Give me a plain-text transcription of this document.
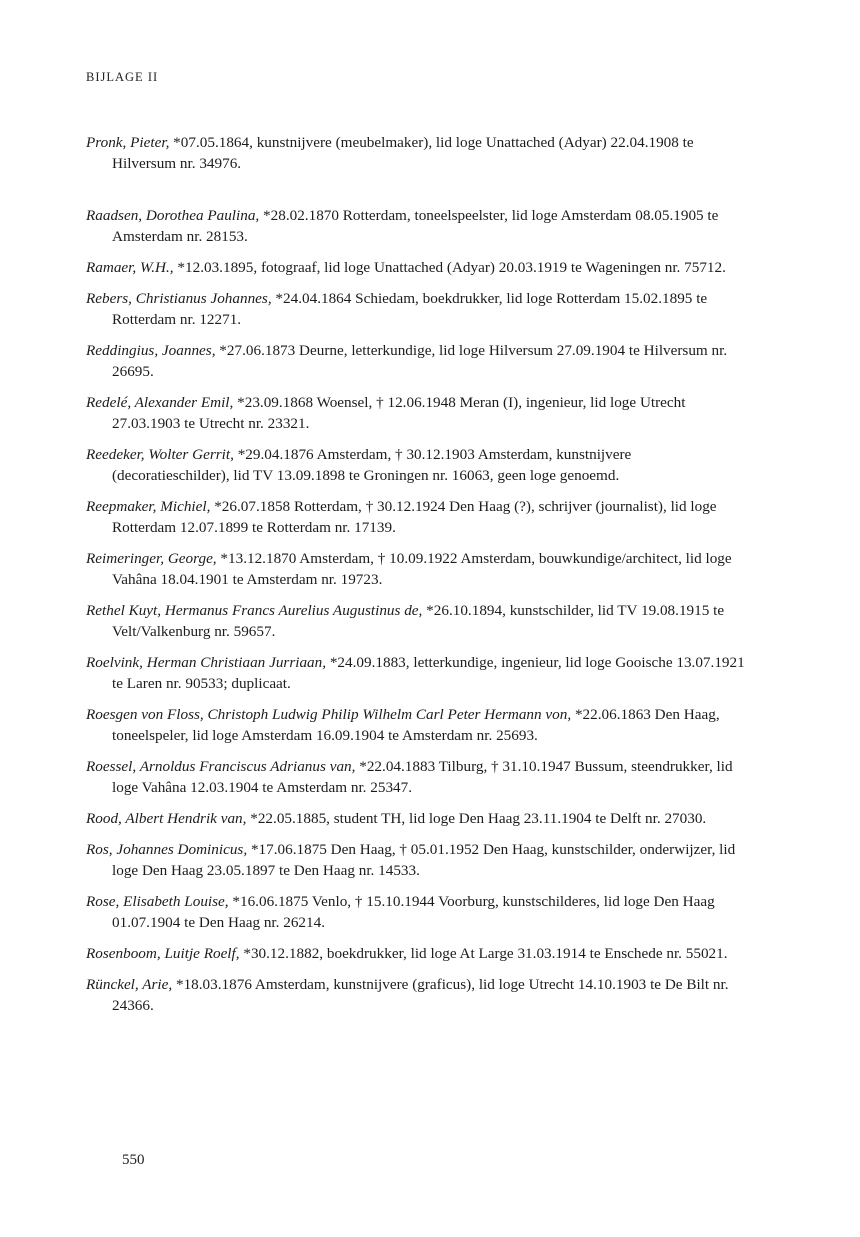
BIJLAGE II

Pronk, Pieter, *07.05.1864, kunstnijvere (meubelmaker), lid loge Unattached (Adyar) 22.04.1908 te Hilversum nr. 34976.

Raadsen, Dorothea Paulina, *28.02.1870 Rotterdam, toneelspeelster, lid loge Amsterdam 08.05.1905 te Amsterdam nr. 28153.

Ramaer, W.H., *12.03.1895, fotograaf, lid loge Unattached (Adyar) 20.03.1919 te Wageningen nr. 75712.

Rebers, Christianus Johannes, *24.04.1864 Schiedam, boekdrukker, lid loge Rotterdam 15.02.1895 te Rotterdam nr. 12271.

Reddingius, Joannes, *27.06.1873 Deurne, letterkundige, lid loge Hilversum 27.09.1904 te Hilversum nr. 26695.

Redelé, Alexander Emil, *23.09.1868 Woensel, † 12.06.1948 Meran (I), ingenieur, lid loge Utrecht 27.03.1903 te Utrecht nr. 23321.

Reedeker, Wolter Gerrit, *29.04.1876 Amsterdam, † 30.12.1903 Amsterdam, kunstnijvere (decoratieschilder), lid TV 13.09.1898 te Groningen nr. 16063, geen loge genoemd.

Reepmaker, Michiel, *26.07.1858 Rotterdam, † 30.12.1924 Den Haag (?), schrijver (journalist), lid loge Rotterdam 12.07.1899 te Rotterdam nr. 17139.

Reimeringer, George, *13.12.1870 Amsterdam, † 10.09.1922 Amsterdam, bouwkundige/architect, lid loge Vahâna 18.04.1901 te Amsterdam nr. 19723.

Rethel Kuyt, Hermanus Francs Aurelius Augustinus de, *26.10.1894, kunstschilder, lid TV 19.08.1915 te Velt/Valkenburg nr. 59657.

Roelvink, Herman Christiaan Jurriaan, *24.09.1883, letterkundige, ingenieur, lid loge Gooische 13.07.1921 te Laren nr. 90533; duplicaat.

Roesgen von Floss, Christoph Ludwig Philip Wilhelm Carl Peter Hermann von, *22.06.1863 Den Haag, toneelspeler, lid loge Amsterdam 16.09.1904 te Amsterdam nr. 25693.

Roessel, Arnoldus Franciscus Adrianus van, *22.04.1883 Tilburg, † 31.10.1947 Bussum, steendrukker, lid loge Vahâna 12.03.1904 te Amsterdam nr. 25347.

Rood, Albert Hendrik van, *22.05.1885, student TH, lid loge Den Haag 23.11.1904 te Delft nr. 27030.

Ros, Johannes Dominicus, *17.06.1875 Den Haag, † 05.01.1952 Den Haag, kunstschilder, onderwijzer, lid loge Den Haag 23.05.1897 te Den Haag nr. 14533.

Rose, Elisabeth Louise, *16.06.1875 Venlo, † 15.10.1944 Voorburg, kunstschilderes, lid loge Den Haag 01.07.1904 te Den Haag nr. 26214.

Rosenboom, Luitje Roelf, *30.12.1882, boekdrukker, lid loge At Large 31.03.1914 te Enschede nr. 55021.

Rünckel, Arie, *18.03.1876 Amsterdam, kunstnijvere (graficus), lid loge Utrecht 14.10.1903 te De Bilt nr. 24366.

550
